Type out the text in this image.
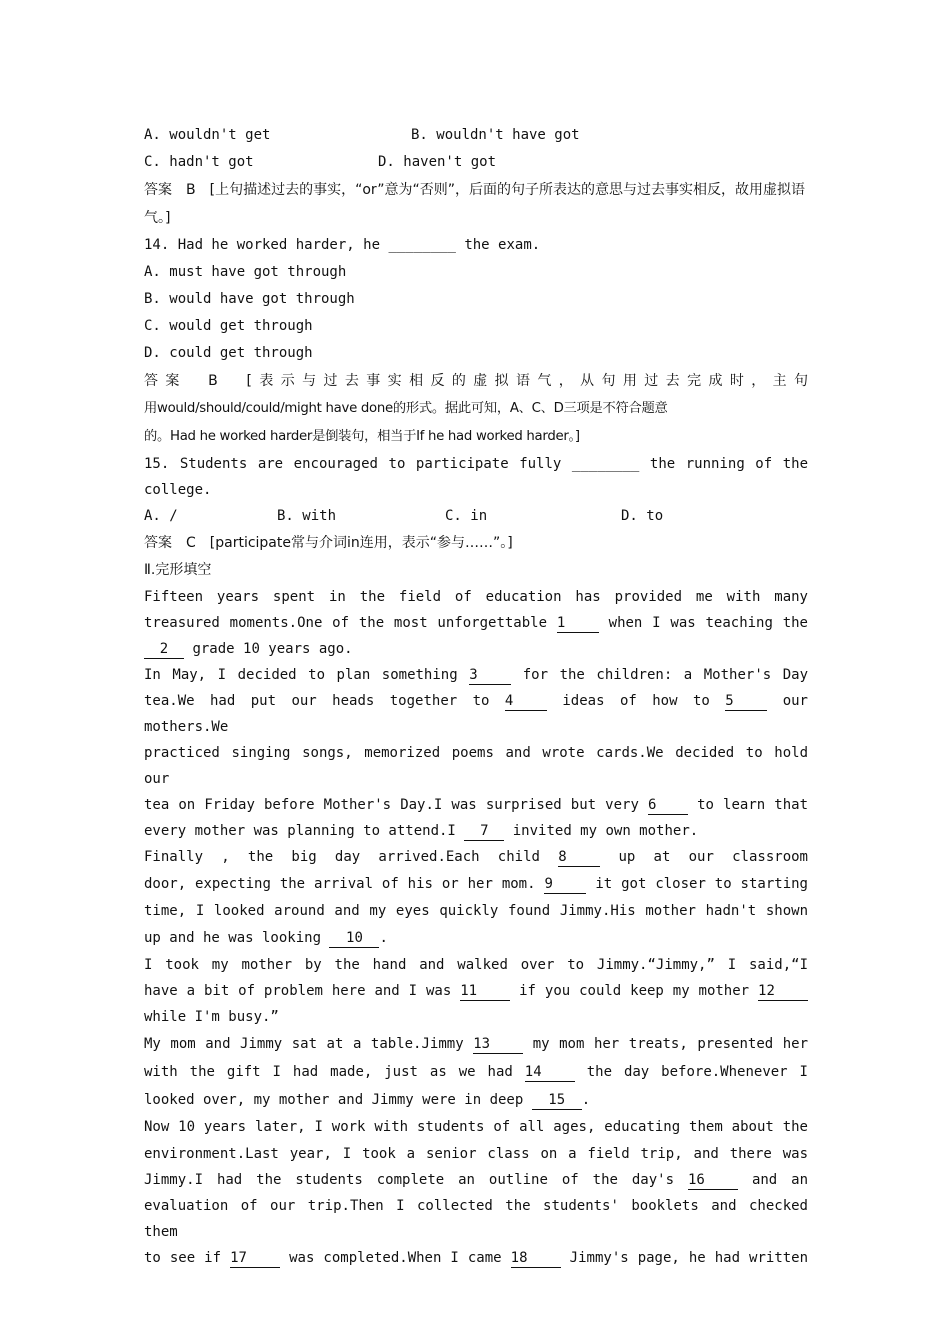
A. wouldn't get	B. wouldn't have got
C. hadn't got	D. haven't got

答案　B　[上句描述过去的事实，“or”意为“否则”，后面的句子所表达的意思与过去事实相反，故用虚拟语气。]

14. Had he worked harder, he ________ the exam.
A. must have got through
B. would have got through
C. would get through
D. could get through
答案　B　[表示与过去事实相反的虚拟语气，从句用过去完成时，主句
用would/should/could/might have done的形式。据此可知，A、C、D三项是不符合题意
的。Had he worked harder是倒装句，相当于If he had worked harder。]
15. Students are encouraged to participate fully ________ the running of the
college.
A. /	B. with	C. in	D. to
答案　C　[participate常与介词in连用，表示“参与……”。]
Ⅱ.完形填空
Fifteen years spent in the field of education has provided me with many
treasured moments.One of the most unforgettable 1	when I was teaching the
2 grade 10 years ago.
In May, I decided to plan something 3	for the children: a Mother's Day
tea.We had put our heads together to 4	ideas of how to 5	our mothers.We
practiced singing songs, memorized poems and wrote cards.We decided to hold our
tea on Friday before Mother's Day.I was surprised but very 6	to learn that
every mother was planning to attend.I 7 invited my own mother.
Finally , the big day arrived.Each child 8	up at our classroom
door, expecting the arrival of his or her mom. 9	it got closer to starting
time, I looked around and my eyes quickly found Jimmy.His mother hadn't shown
up and he was looking 10 .
I took my mother by the hand and walked over to Jimmy.“Jimmy,” I said,“I
have a bit of problem here and I was 11	if you could keep my mother 12
while I'm busy.”
My mom and Jimmy sat at a table.Jimmy 13	my mom her treats, presented her
with the gift I had made, just as we had 14	the day before.Whenever I
looked over, my mother and Jimmy were in deep 15 .
Now 10 years later, I work with students of all ages, educating them about the
environment.Last year, I took a senior class on a field trip, and there was
Jimmy.I had the students complete an outline of the day's 16	and an
evaluation of our trip.Then I collected the students' booklets and checked them
to see if 17	was completed.When I came 18	Jimmy's page, he had written
